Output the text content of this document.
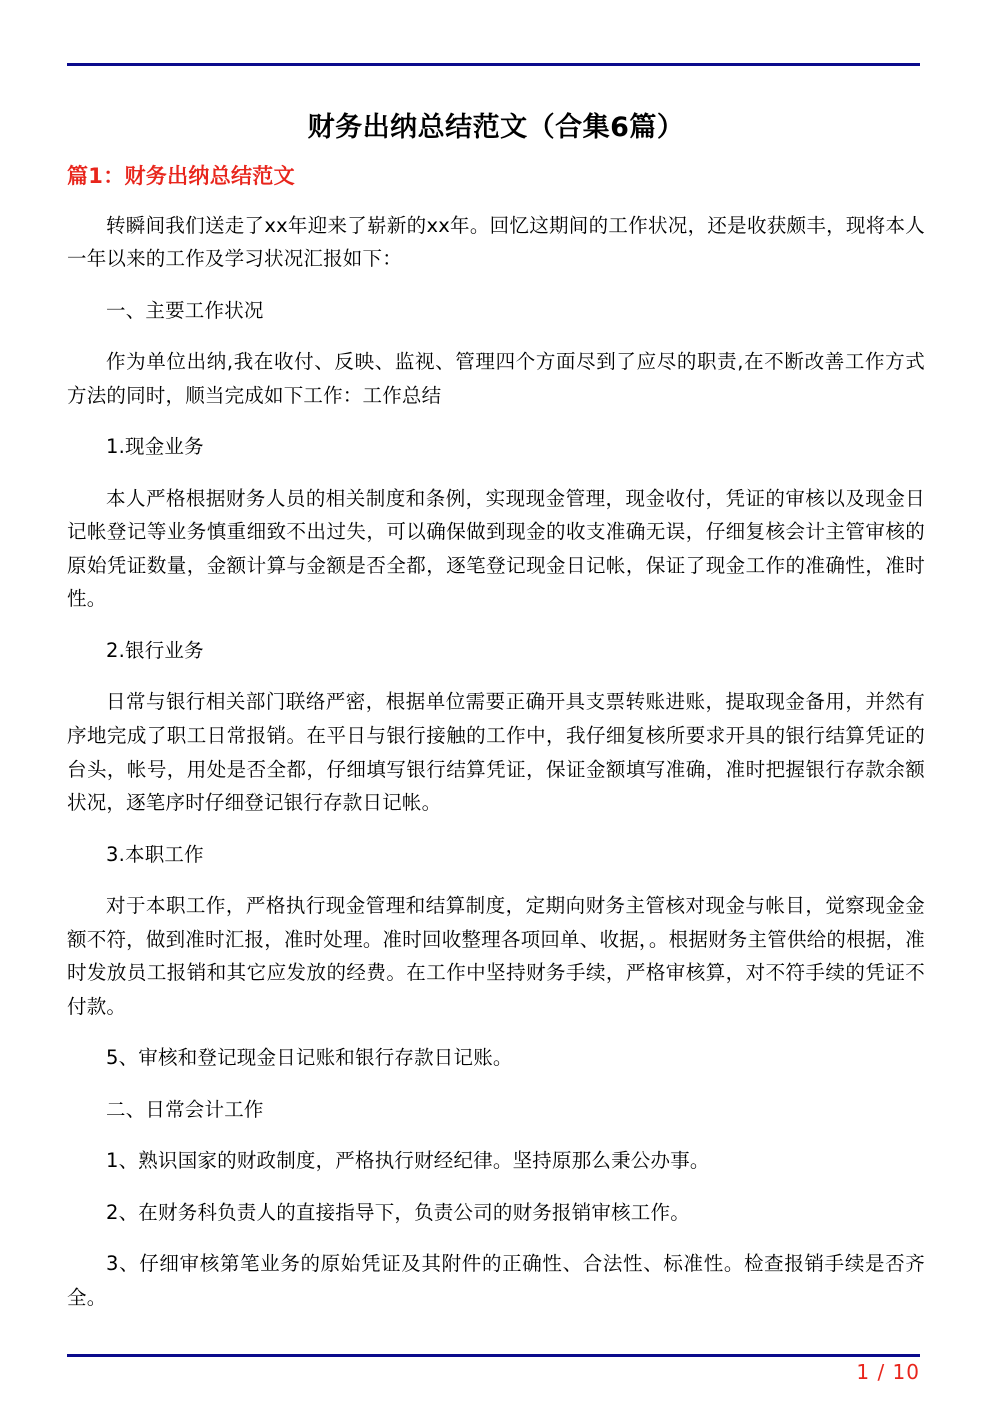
财务出纳总结范文（合集6篇）
篇1：财务出纳总结范文

转瞬间我们送走了xx年迎来了崭新的xx年。回忆这期间的工作状况，还是收获颇丰，现将本人一年以来的工作及学习状况汇报如下：

一、主要工作状况

作为单位出纳,我在收付、反映、监视、管理四个方面尽到了应尽的职责,在不断改善工作方式方法的同时，顺当完成如下工作：工作总结

1.现金业务

本人严格根据财务人员的相关制度和条例，实现现金管理，现金收付，凭证的审核以及现金日记帐登记等业务慎重细致不出过失，可以确保做到现金的收支准确无误，仔细复核会计主管审核的原始凭证数量，金额计算与金额是否全都，逐笔登记现金日记帐，保证了现金工作的准确性，准时性。

2.银行业务

日常与银行相关部门联络严密，根据单位需要正确开具支票转账进账，提取现金备用，并然有序地完成了职工日常报销。在平日与银行接触的工作中，我仔细复核所要求开具的银行结算凭证的台头，帐号，用处是否全都，仔细填写银行结算凭证，保证金额填写准确，准时把握银行存款余额状况，逐笔序时仔细登记银行存款日记帐。

3.本职工作

对于本职工作，严格执行现金管理和结算制度，定期向财务主管核对现金与帐目，觉察现金金额不符，做到准时汇报，准时处理。准时回收整理各项回单、收据，。根据财务主管供给的根据，准时发放员工报销和其它应发放的经费。在工作中坚持财务手续，严格审核算，对不符手续的凭证不付款。

5、审核和登记现金日记账和银行存款日记账。

二、日常会计工作

1、熟识国家的财政制度，严格执行财经纪律。坚持原那么秉公办事。

2、在财务科负责人的直接指导下，负责公司的财务报销审核工作。

3、仔细审核第笔业务的原始凭证及其附件的正确性、合法性、标准性。检查报销手续是否齐全。

1 / 10
